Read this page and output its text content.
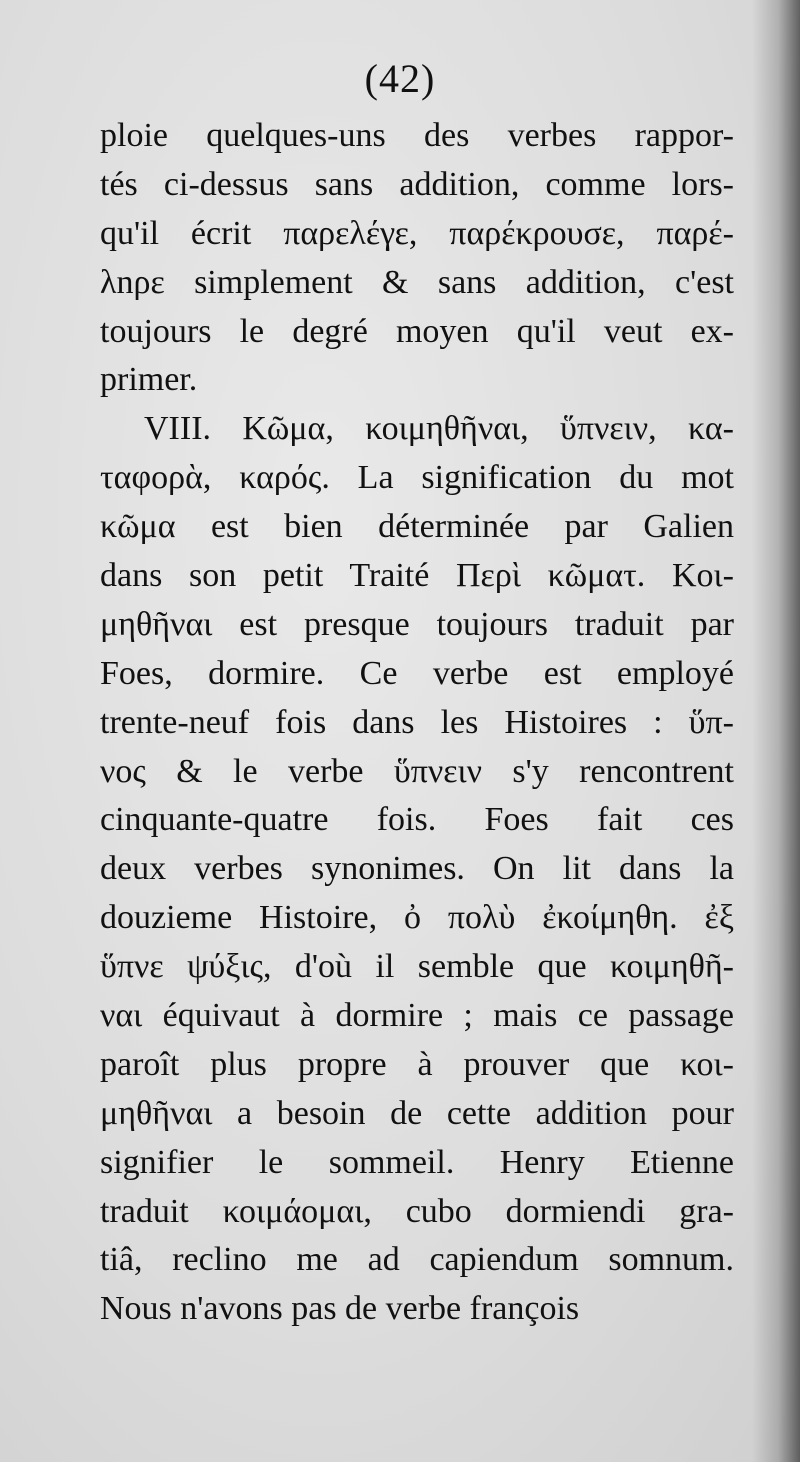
(42)
ploie quelques-uns des verbes rappor-
tés ci-dessus sans addition, comme lors-
qu'il écrit παρελέγε, παρέκρουσε, παρέ-
λnρε simplement & sans addition, c'est
toujours le degré moyen qu'il veut ex-
primer.
VIII. Κῶμα, κοιμηθῆναι, ὕπνειν, κα-
ταφορὰ, καρός. La signification du mot
κῶμα est bien déterminée par Galien
dans son petit Traité Περὶ κῶματ. Κοι-
μηθῆναι est presque toujours traduit par
Foes, dormire. Ce verbe est employé
trente-neuf fois dans les Histoires : ὕπ-
νος & le verbe ὕπνειν s'y rencontrent
cinquante-quatre fois. Foes fait ces
deux verbes synonimes. On lit dans la
douzieme Histoire, ὀ πολὺ ἐκοίμηθη. ἐξ
ὕπνε ψύξις, d'où il semble que κοιμηθῆ-
ναι équivaut à dormire ; mais ce passage
paroît plus propre à prouver que κοι-
μηθῆναι a besoin de cette addition pour
signifier le sommeil. Henry Etienne
traduit κοιμάομαι, cubo dormiendi gra-
tiâ, reclino me ad capiendum somnum.
Nous n'avons pas de verbe françois
